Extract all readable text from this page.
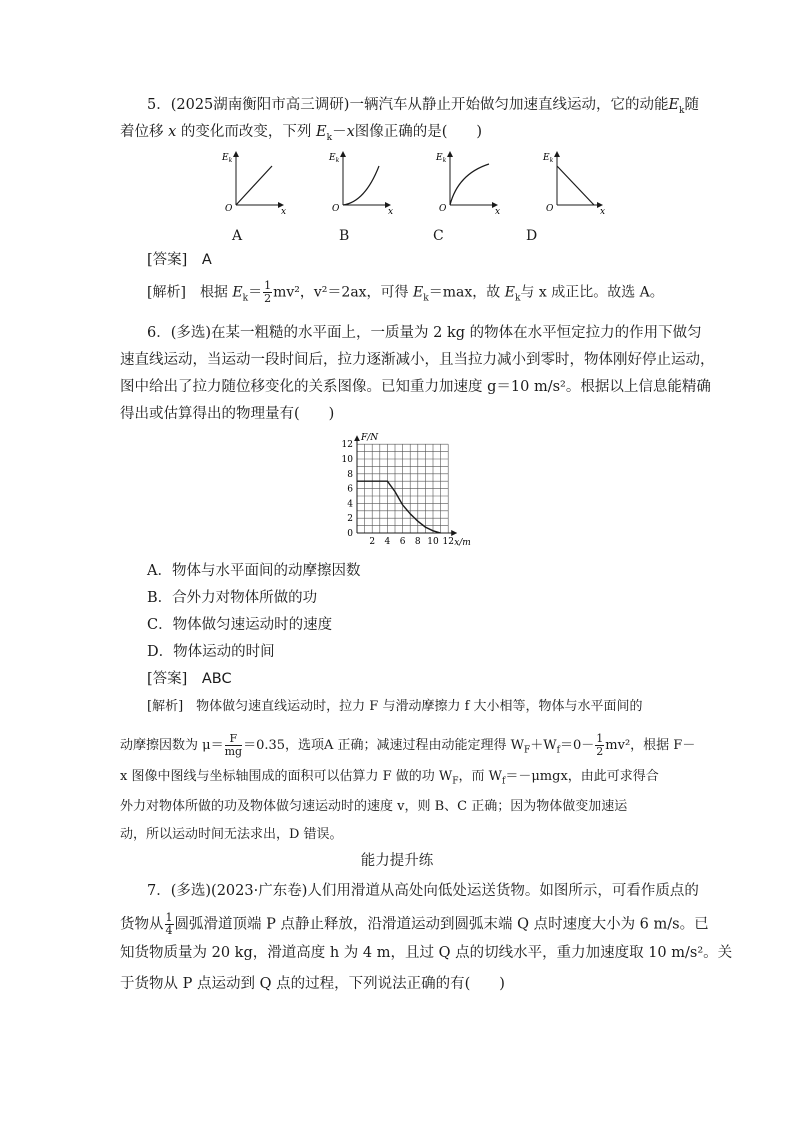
5．(2025湖南衡阳市高三调研)一辆汽车从静止开始做匀加速直线运动，它的动能$E_k$随
着位移 x 的变化而改变，下列 $E_k-x$图像正确的是(　　)
$E_k$
O	x
$E_k$
O	x
$E_k$
O	x
$E_k$
O	x
A	B	C	D
[答案]　 A
[解析]　 根据 $E_k= \frac{1}{2} mv^2$，v²＝2ax，可得 $E_k=\max$，故 $E_k$与 x 成正比。故选 A。
6．(多选)在某一粗糙的水平面上，一质量为 2 kg 的物体在水平恒定拉力的作用下做匀
速直线运动，当运动一段时间后，拉力逐渐减小，且当拉力减小到零时，物体刚好停止运动，
图中给出了拉力随位移变化的关系图像。已知重力加速度 g＝10 m/s²。根据以上信息能精确
得出或估算得出的物理量有(　　)
0
2
4
6
8
10
12
2 4 6 8 10 12
F/N
x/m
A．物体与水平面间的动摩擦因数
B．合外力对物体所做的功
C．物体做匀速运动时的速度
D．物体运动的时间
[答案]　 ABC
[解析]　 物体做匀速直线运动时，拉力 F 与滑动摩擦力 f 大小相等，物体与水平面间的
动摩擦因数为 $\mu= \frac{F}{mg} =0.35$，选项A 正确；减速过程由动能定理得 $W_F+W_f=0- \frac{1}{2} mv^2$，根据 F－
x 图像中图线与坐标轴围成的面积可以估算力 F 做的功 $W_F$，而 $W_f=-\mu mgx$，由此可求得合
外力对物体所做的功及物体做匀速运动时的速度 v，则 B、C 正确；因为物体做变加速运
动，所以运动时间无法求出，D 错误。
能力提升练
7．(多选)(2023·广东卷)人们用滑道从高处向低处运送货物。如图所示，可看作质点的
货物从 $\frac{1}{4}$ 圆弧滑道顶端 P 点静止释放，沿滑道运动到圆弧末端 Q 点时速度大小为 6 m/s。已
知货物质量为 20 kg，滑道高度 h 为 4 m，且过 Q 点的切线水平，重力加速度取 10 m/s²。关
于货物从 P 点运动到 Q 点的过程，下列说法正确的有(　　)
